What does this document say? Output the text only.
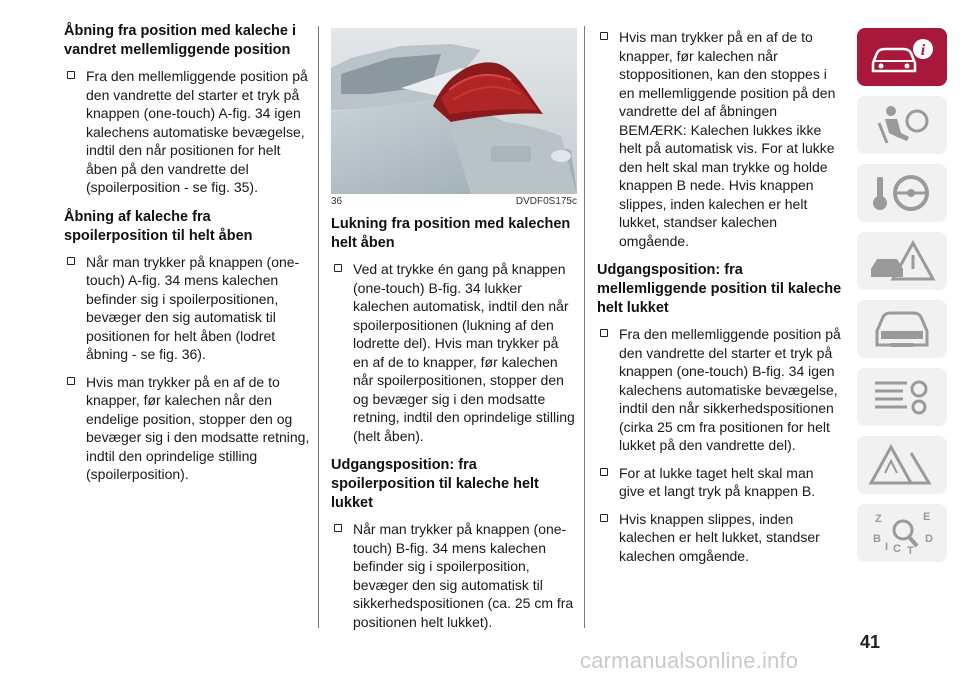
Åbning fra position med kaleche i vandret mellemliggende position
Fra den mellemliggende position på den vandrette del starter et tryk på knappen (one-touch) A-fig. 34 igen kalechens automatiske bevægelse, indtil den når positionen for helt åben på den vandrette del (spoilerposition - se fig. 35).
Åbning af kaleche fra spoilerposition til helt åben
Når man trykker på knappen (one-touch) A-fig. 34 mens kalechen befinder sig i spoilerpositionen, bevæger den sig automatisk til positionen for helt åben (lodret åbning - se fig. 36).
Hvis man trykker på en af de to knapper, før kalechen når den endelige position, stopper den og bevæger sig i den modsatte retning, indtil den oprindelige stilling (spoilerposition).
36	DVDF0S175c
Lukning fra position med kalechen helt åben
Ved at trykke én gang på knappen (one-touch) B-fig. 34 lukker kalechen automatisk, indtil den når spoilerpositionen (lukning af den lodrette del). Hvis man trykker på en af de to knapper, før kalechen når spoilerpositionen, stopper den og bevæger sig i den modsatte retning, indtil den oprindelige stilling (helt åben).
Udgangsposition: fra spoilerposition til kaleche helt lukket
Når man trykker på knappen (one-touch) B-fig. 34 mens kalechen befinder sig i spoilerposition, bevæger den sig automatisk til sikkerhedspositionen (ca. 25 cm fra positionen helt lukket).
Hvis man trykker på en af de to knapper, før kalechen når stoppositionen, kan den stoppes i en mellemliggende position på den vandrette del af åbningen BEMÆRK: Kalechen lukkes ikke helt på automatisk vis. For at lukke den helt skal man trykke og holde knappen B nede. Hvis knappen slippes, inden kalechen er helt lukket, standser kalechen omgående.
Udgangsposition: fra mellemliggende position til kaleche helt lukket
Fra den mellemliggende position på den vandrette del starter et tryk på knappen (one-touch) B-fig. 34 igen kalechens automatiske bevægelse, indtil den når sikkerhedspositionen (cirka 25 cm fra positionen for helt lukket på den vandrette del).
For at lukke taget helt skal man give et langt tryk på knappen B.
Hvis knappen slippes, inden kalechen er helt lukket, standser kalechen omgående.
i
Z	E
B
C T
D
I
41
carmanualsonline.info
